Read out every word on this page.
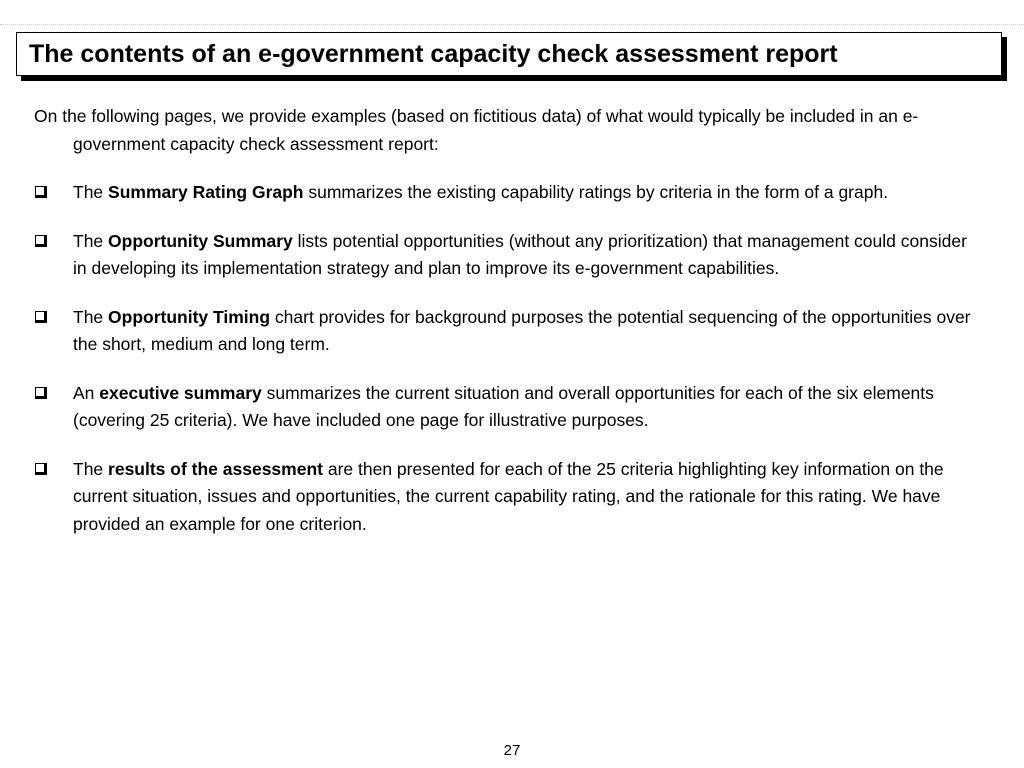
The contents of an e-government capacity check assessment report

On the following pages, we provide examples (based on fictitious data) of what would typically be included in an e-government capacity check assessment report:

The Summary Rating Graph summarizes the existing capability ratings by criteria in the form of a graph.
The Opportunity Summary lists potential opportunities (without any prioritization) that management could consider in developing its implementation strategy and plan to improve its e-government capabilities.
The Opportunity Timing chart provides for background purposes the potential sequencing of the opportunities over the short, medium and long term.
An executive summary summarizes the current situation and overall opportunities for each of the six elements (covering 25 criteria). We have included one page for illustrative purposes.
The results of the assessment are then presented for each of the 25 criteria highlighting key information on the current situation, issues and opportunities, the current capability rating, and the rationale for this rating. We have provided an example for one criterion.
27
